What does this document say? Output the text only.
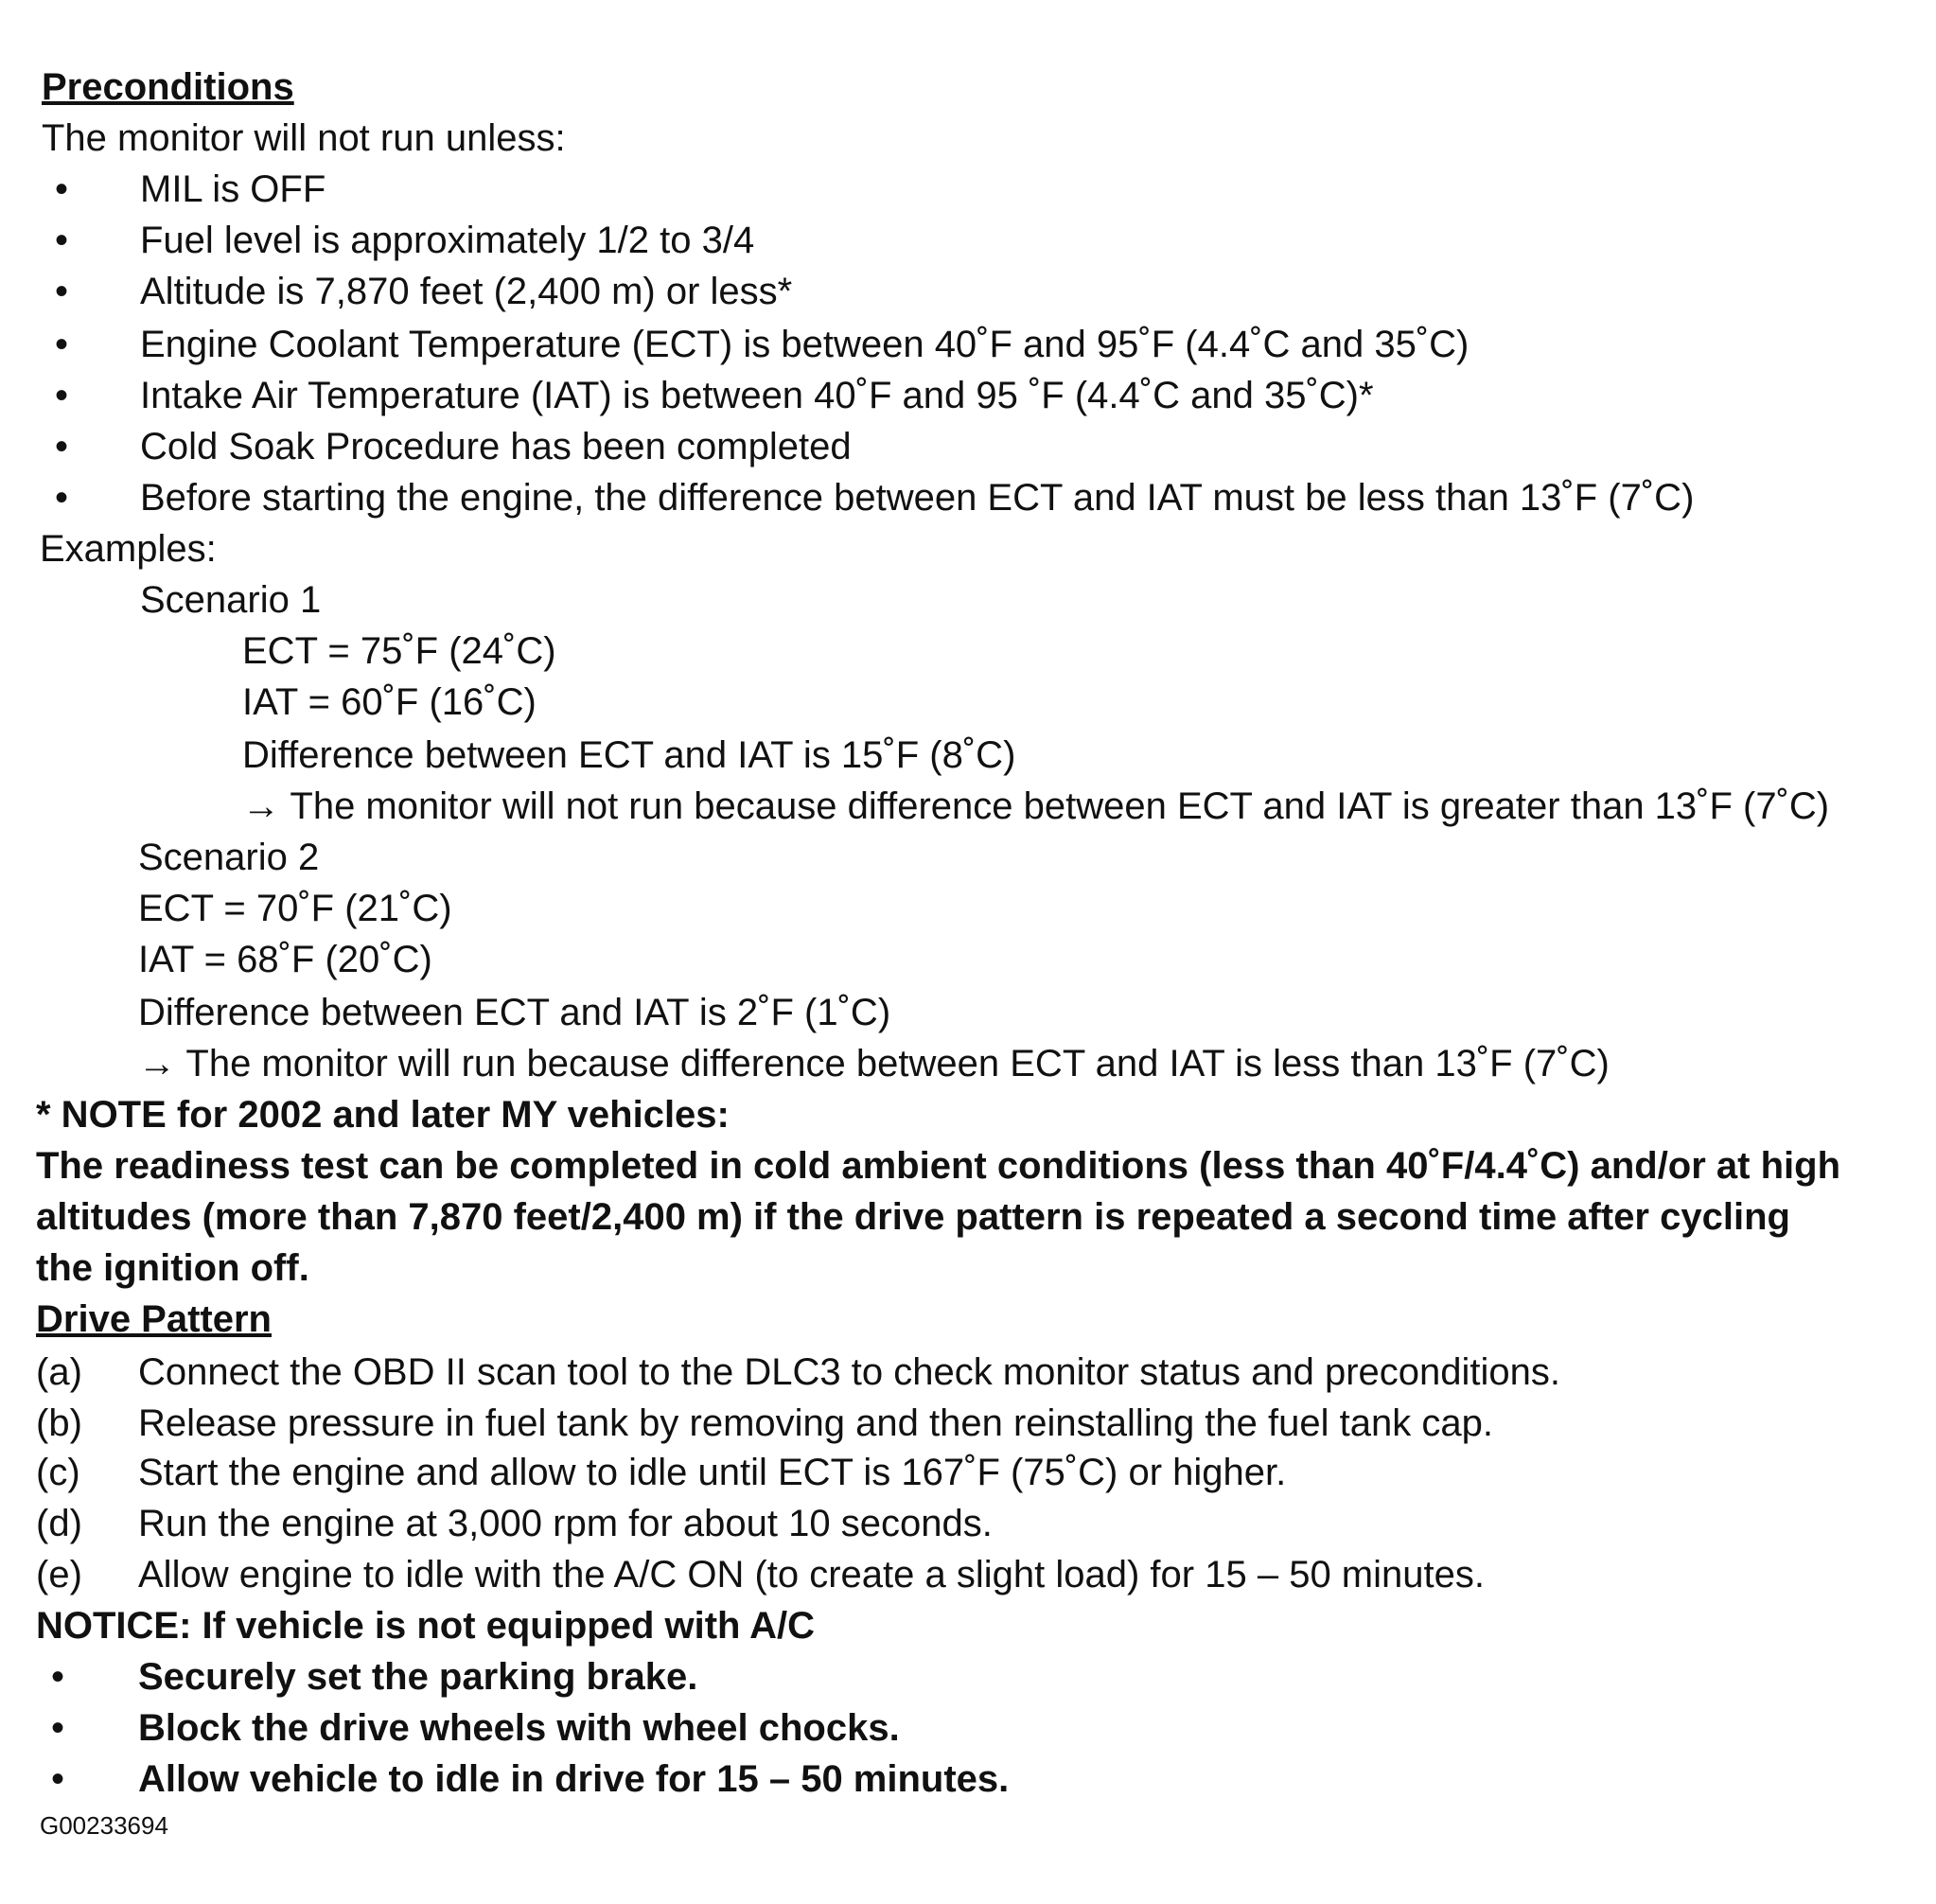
Preconditions
The monitor will not run unless:
• MIL is OFF
• Fuel level is approximately 1/2 to 3/4
• Altitude is 7,870 feet (2,400 m) or less*
• Engine Coolant Temperature (ECT) is between 40˚F and 95˚F (4.4˚C and 35˚C)
• Intake Air Temperature (IAT) is between 40˚F and 95 ˚F (4.4˚C and 35˚C)*
• Cold Soak Procedure has been completed
• Before starting the engine, the difference between ECT and IAT must be less than 13˚F (7˚C)
Examples:
Scenario 1
ECT = 75˚F (24˚C)
IAT = 60˚F (16˚C)
Difference between ECT and IAT is 15˚F (8˚C)
→ The monitor will not run because difference between ECT and IAT is greater than 13˚F (7˚C)
Scenario 2
ECT = 70˚F (21˚C)
IAT = 68˚F (20˚C)
Difference between ECT and IAT is 2˚F (1˚C)
→ The monitor will run because difference between ECT and IAT is less than 13˚F (7˚C)
* NOTE for 2002 and later MY vehicles:
The readiness test can be completed in cold ambient conditions (less than 40˚F/4.4˚C) and/or at high
altitudes (more than 7,870 feet/2,400 m) if the drive pattern is repeated a second time after cycling
the ignition off.
Drive Pattern
(a) Connect the OBD II scan tool to the DLC3 to check monitor status and preconditions.
(b) Release pressure in fuel tank by removing and then reinstalling the fuel tank cap.
(c) Start the engine and allow to idle until ECT is 167˚F (75˚C) or higher.
(d) Run the engine at 3,000 rpm for about 10 seconds.
(e) Allow engine to idle with the A/C ON (to create a slight load) for 15 – 50 minutes.
NOTICE: If vehicle is not equipped with A/C
• Securely set the parking brake.
• Block the drive wheels with wheel chocks.
• Allow vehicle to idle in drive for 15 – 50 minutes.
G00233694
